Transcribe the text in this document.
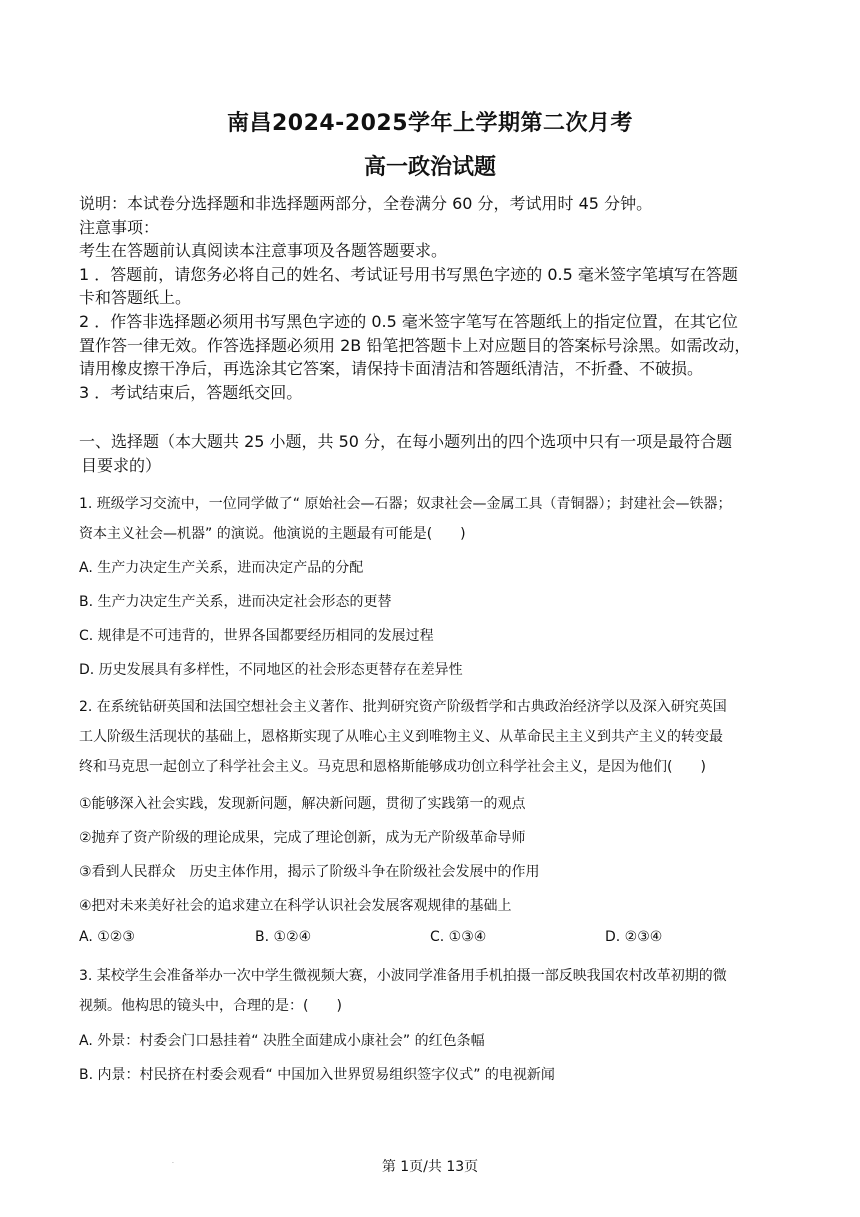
南昌2024-2025学年上学期第二次月考
高一政治试题

说明：本试卷分选择题和非选择题两部分，全卷满分 60 分，考试用时 45 分钟。

注意事项：

考生在答题前认真阅读本注意事项及各题答题要求。

1 ．答题前，请您务必将自己的姓名、考试证号用书写黑色字迹的 0.5 毫米签字笔填写在答题

卡和答题纸上。

2 ．作答非选择题必须用书写黑色字迹的 0.5 毫米签字笔写在答题纸上的指定位置，在其它位

置作答一律无效。作答选择题必须用 2B 铅笔把答题卡上对应题目的答案标号涂黑。如需改动，

请用橡皮擦干净后，再选涂其它答案，请保持卡面清洁和答题纸清洁，不折叠、不破损。

3 ．考试结束后，答题纸交回。

一、选择题（本大题共 25 小题，共 50 分，在每小题列出的四个选项中只有一项是最符合题
目要求的）
1. 班级学习交流中，一位同学做了“ 原始社会—石器；奴隶社会—金属工具（青铜器）；封建社会—铁器；
资本主义社会—机器” 的演说。他演说的主题最有可能是(　　)
A. 生产力决定生产关系，进而决定产品的分配
B. 生产力决定生产关系，进而决定社会形态的更替
C. 规律是不可违背的，世界各国都要经历相同的发展过程
D. 历史发展具有多样性，不同地区的社会形态更替存在差异性
2. 在系统钻研英国和法国空想社会主义著作、批判研究资产阶级哲学和古典政治经济学以及深入研究英国
工人阶级生活现状的基础上，恩格斯实现了从唯心主义到唯物主义、从革命民主主义到共产主义的转变最
终和马克思一起创立了科学社会主义。马克思和恩格斯能够成功创立科学社会主义，是因为他们(　　)
①能够深入社会实践，发现新问题，解决新问题，贯彻了实践第一的观点
②抛弃了资产阶级的理论成果，完成了理论创新，成为无产阶级革命导师
③看到人民群众　历史主体作用，揭示了阶级斗争在阶级社会发展中的作用
④把对未来美好社会的追求建立在科学认识社会发展客观规律的基础上
A. ①②③	B. ①②④	C. ①③④	D. ②③④
3. 某校学生会准备举办一次中学生微视频大赛，小波同学准备用手机拍摄一部反映我国农村改革初期的微
视频。他构思的镜头中，合理的是：(　　)
A. 外景：村委会门口悬挂着“ 决胜全面建成小康社会” 的红色条幅
B. 内景：村民挤在村委会观看“ 中国加入世界贸易组织签字仪式” 的电视新闻
·	第 1页/共 13页
